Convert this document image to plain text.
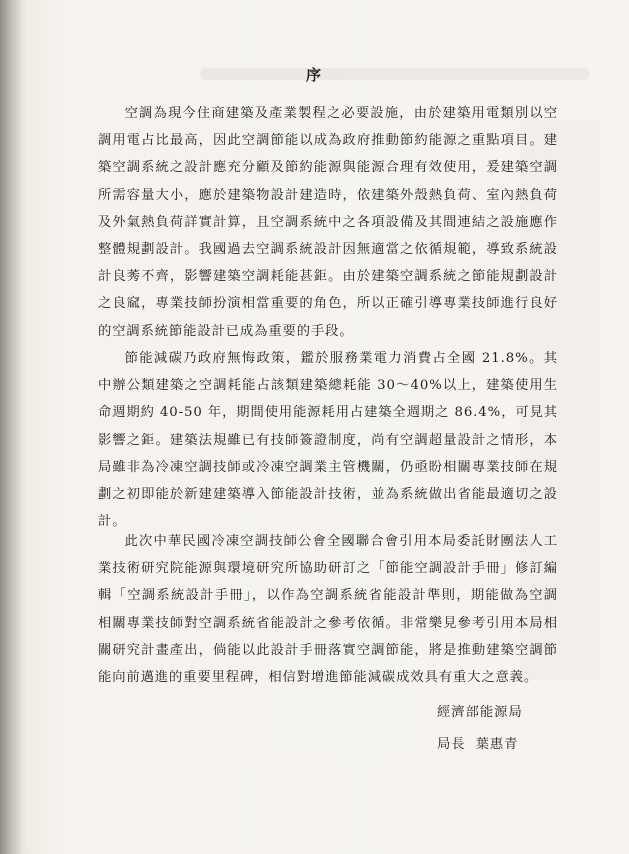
序

空調為現今住商建築及產業製程之必要設施，由於建築用電類別以空調用電占比最高，因此空調節能以成為政府推動節約能源之重點項目。建築空調系統之設計應充分顧及節約能源與能源合理有效使用，爰建築空調所需容量大小，應於建築物設計建造時，依建築外殼熱負荷、室內熱負荷及外氣熱負荷詳實計算，且空調系統中之各項設備及其間連結之設施應作整體規劃設計。我國過去空調系統設計因無適當之依循規範，導致系統設計良莠不齊，影響建築空調耗能甚鉅。由於建築空調系統之節能規劃設計之良窳，專業技師扮演相當重要的角色，所以正確引導專業技師進行良好的空調系統節能設計已成為重要的手段。

節能減碳乃政府無悔政策，鑑於服務業電力消費占全國 21.8%。其中辦公類建築之空調耗能占該類建築總耗能 30～40%以上，建築使用生命週期約 40-50 年，期間使用能源耗用占建築全週期之 86.4%，可見其影響之鉅。建築法規雖已有技師簽證制度，尚有空調超量設計之情形，本局雖非為冷凍空調技師或冷凍空調業主管機關，仍亟盼相關專業技師在規劃之初即能於新建建築導入節能設計技術，並為系統做出省能最適切之設計。

此次中華民國冷凍空調技師公會全國聯合會引用本局委託財團法人工業技術研究院能源與環境研究所協助研訂之「節能空調設計手冊」修訂編輯「空調系統設計手冊」，以作為空調系統省能設計準則，期能做為空調相關專業技師對空調系統省能設計之參考依循。非常樂見參考引用本局相關研究計畫產出，倘能以此設計手冊落實空調節能，將是推動建築空調節能向前邁進的重要里程碑，相信對增進節能減碳成效具有重大之意義。

經濟部能源局

局長 葉惠青
